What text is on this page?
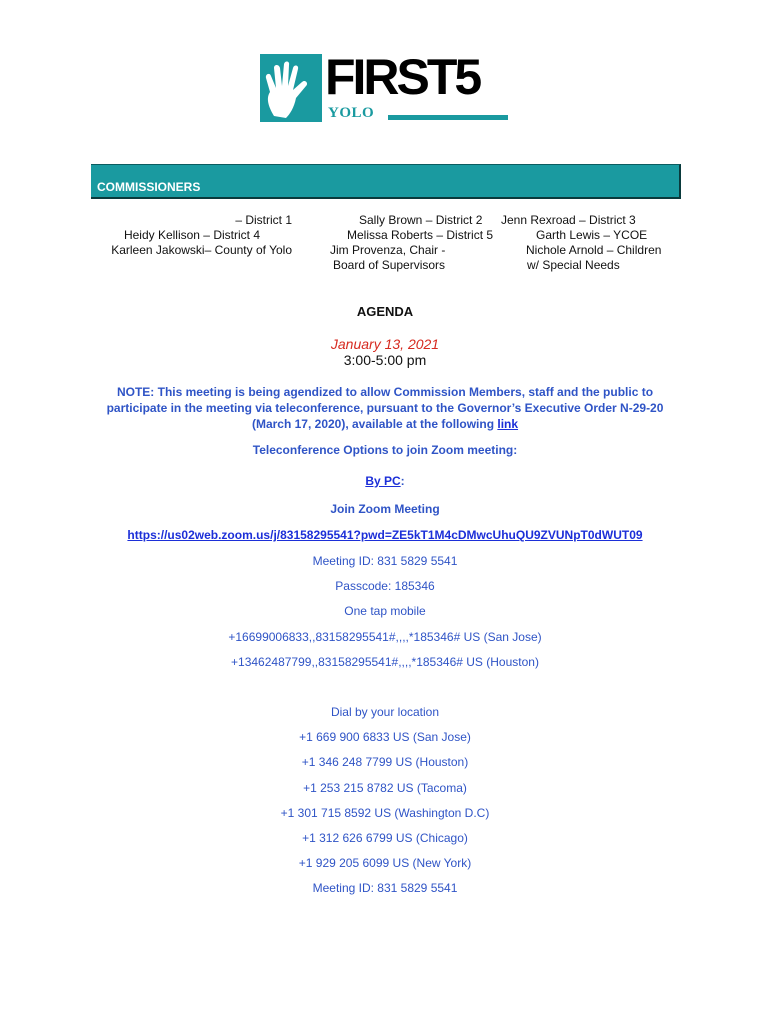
FIRST5
YOLO
COMMISSIONERS
– District 1
Heidy Kellison – District 4
Karleen Jakowski– County of Yolo
Sally Brown – District 2
Melissa Roberts – District 5
Jim Provenza, Chair -
Board of Supervisors
Jenn Rexroad – District 3
Garth Lewis – YCOE
Nichole Arnold – Children
w/ Special Needs
AGENDA
January 13, 2021
3:00-5:00 pm
NOTE: This meeting is being agendized to allow Commission Members, staff and the public to participate in the meeting via teleconference, pursuant to the Governor’s Executive Order N-29-20 (March 17, 2020), available at the following link
Teleconference Options to join Zoom meeting:
By PC:
Join Zoom Meeting
https://us02web.zoom.us/j/83158295541?pwd=ZE5kT1M4cDMwcUhuQU9ZVUNpT0dWUT09
Meeting ID: 831 5829 5541
Passcode: 185346
One tap mobile
+16699006833,,83158295541#,,,,*185346# US (San Jose)
+13462487799,,83158295541#,,,,*185346# US (Houston)
Dial by your location
+1 669 900 6833 US (San Jose)
+1 346 248 7799 US (Houston)
+1 253 215 8782 US (Tacoma)
+1 301 715 8592 US (Washington D.C)
+1 312 626 6799 US (Chicago)
+1 929 205 6099 US (New York)
Meeting ID: 831 5829 5541
